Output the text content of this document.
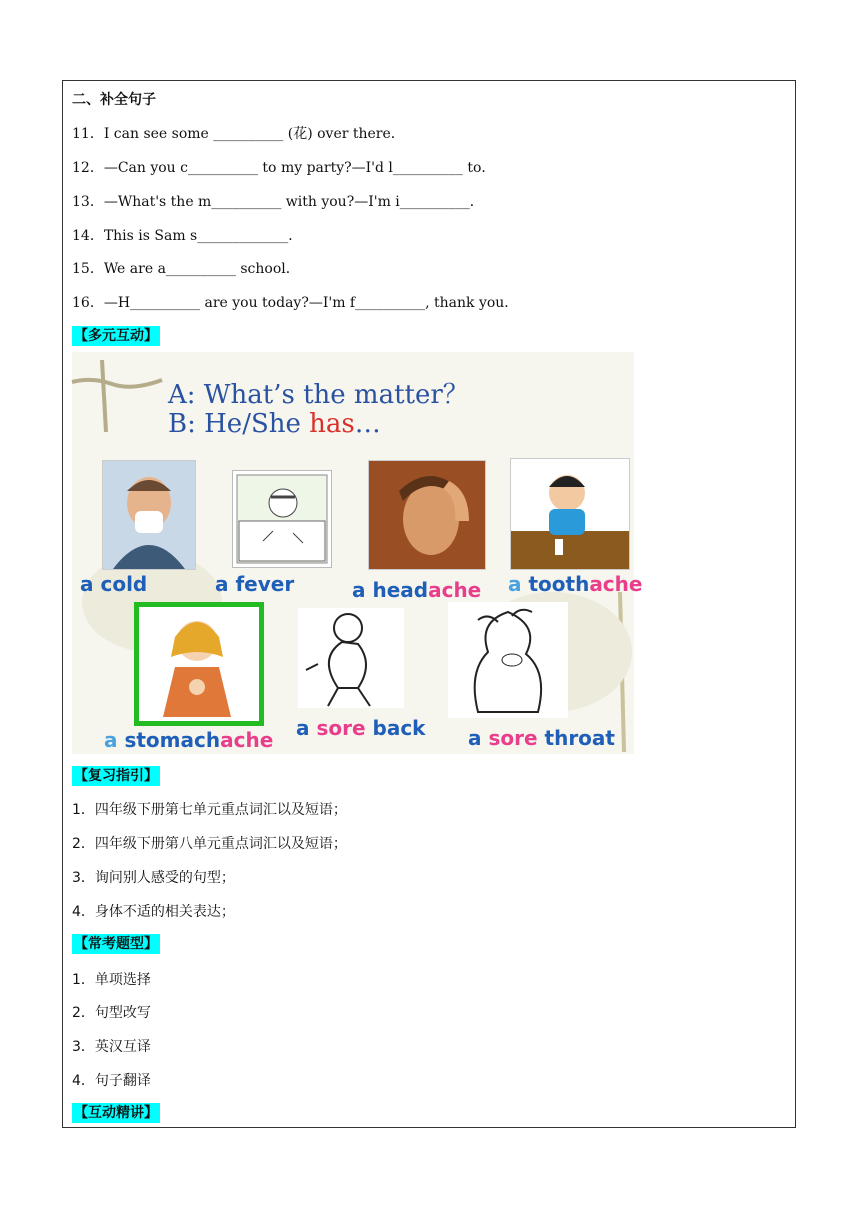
二、补全句子
11．I can see some __________ (花) over there．
12．—Can you c__________ to my party?—I'd l__________ to．
13．—What's the m__________ with you?—I'm i__________．
14．This is Sam s_____________．
15．We are a__________ school．
16．—H__________ are you today?—I'm f__________, thank you．
【多元互动】
A: What’s the matter？
B: He/She has…
a cold	a fever	a headache a toothache
a stomachache a sore back a sore throat
【复习指引】
1．四年级下册第七单元重点词汇以及短语；
2．四年级下册第八单元重点词汇以及短语；
3．询问别人感受的句型；
4．身体不适的相关表达；
【常考题型】
1．单项选择
2．句型改写
3．英汉互译
4．句子翻译
【互动精讲】
